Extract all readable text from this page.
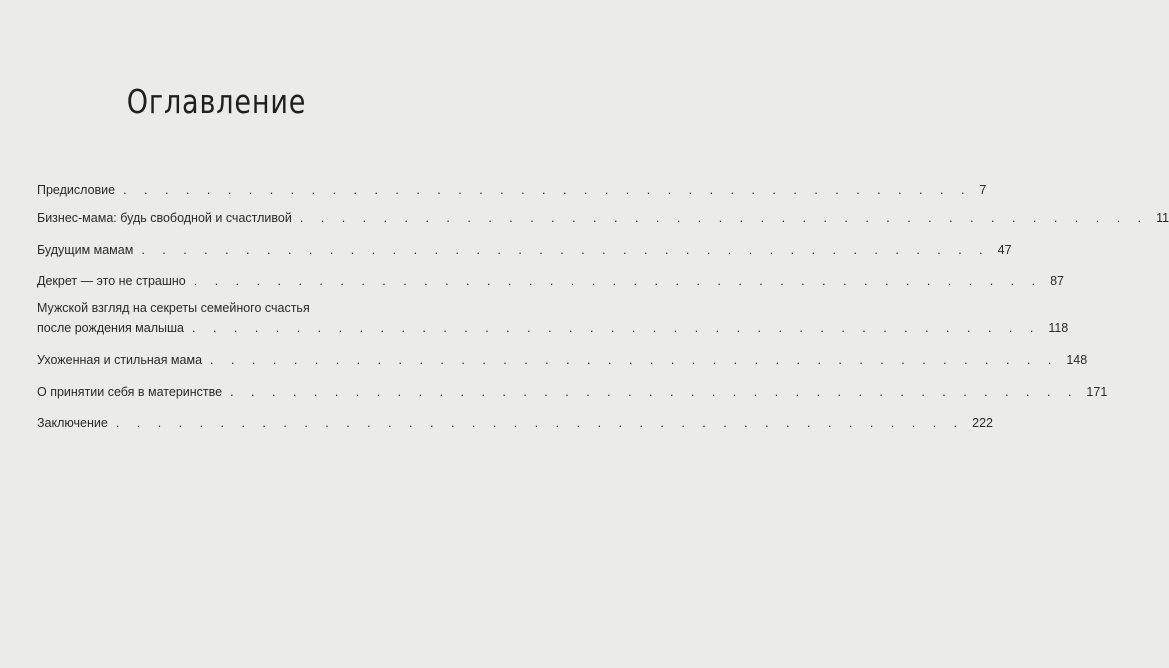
Оглавление
Предисловие . . . . . . . . . . . . . . . . . . . . . . . . . . . . . . . . . . . . . . . . . 7
Бизнес-мама: будь свободной и счастливой . . . . . . . . . . . . . . . . . . . . . . . . . . . . . . . . . . . . . . . . . 11
Будущим мамам . . . . . . . . . . . . . . . . . . . . . . . . . . . . . . . . . . . . . . . . . 47
Декрет — это не страшно . . . . . . . . . . . . . . . . . . . . . . . . . . . . . . . . . . . . . . . . . 87
Мужской взгляд на секреты семейного счастья
после рождения малыша . . . . . . . . . . . . . . . . . . . . . . . . . . . . . . . . . . . . . . . . . 118
Ухоженная и стильная мама . . . . . . . . . . . . . . . . . . . . . . . . . . . . . . . . . . . . . . . . . 148
О принятии себя в материнстве . . . . . . . . . . . . . . . . . . . . . . . . . . . . . . . . . . . . . . . . . 171
Заключение . . . . . . . . . . . . . . . . . . . . . . . . . . . . . . . . . . . . . . . . . 222
